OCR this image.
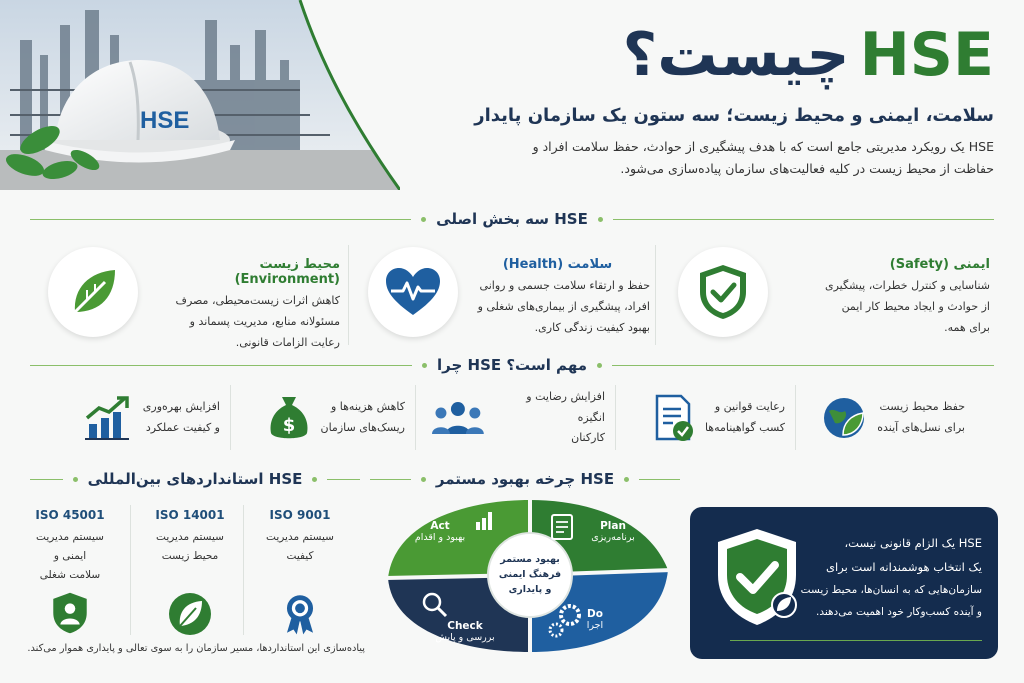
HSE
چیست؟ HSE
سلامت، ایمنی و محیط زیست؛ سه ستون یک سازمان پایدار
HSE یک رویکرد مدیریتی جامع است که با هدف پیشگیری از حوادث، حفظ سلامت افراد و
حفاظت از محیط زیست در کلیه فعالیت‌های سازمان پیاده‌سازی می‌شود.
سه بخش اصلی HSE
ایمنی (Safety)
شناسایی و کنترل خطرات، پیشگیری
از حوادث و ایجاد محیط کار ایمن
برای همه.
سلامت (Health)
حفظ و ارتقاء سلامت جسمی و روانی
افراد، پیشگیری از بیماری‌های شغلی و
بهبود کیفیت زندگی کاری.
محیط زیست (Environment)
کاهش اثرات زیست‌محیطی، مصرف
مسئولانه منابع، مدیریت پسماند و
رعایت الزامات قانونی.
چرا HSE مهم است؟
حفظ محیط زیست
برای نسل‌های آینده
رعایت قوانین و
کسب گواهینامه‌ها
افزایش رضایت و انگیزه
کارکنان
کاهش هزینه‌ها و
ریسک‌های سازمان
$
افزایش بهره‌وری
و کیفیت عملکرد
استانداردهای بین‌المللی HSE
ISO 9001
سیستم مدیریت
کیفیت
ISO 14001
سیستم مدیریت
محیط زیست
ISO 45001
سیستم مدیریت
ایمنی و
سلامت شغلی
پیاده‌سازی این استانداردها، مسیر سازمان را به سوی تعالی و پایداری هموار می‌کند.
چرخه بهبود مستمر HSE
Plan
برنامه‌ریزی
Do
اجرا
Check
بررسی و پایش
Act
بهبود و اقدام
بهبود مستمر
فرهنگ ایمنی
و پایداری
HSE یک الزام قانونی نیست،
یک انتخاب هوشمندانه است برای
سازمان‌هایی که به انسان‌ها، محیط زیست
و آینده کسب‌وکار خود اهمیت می‌دهند.
